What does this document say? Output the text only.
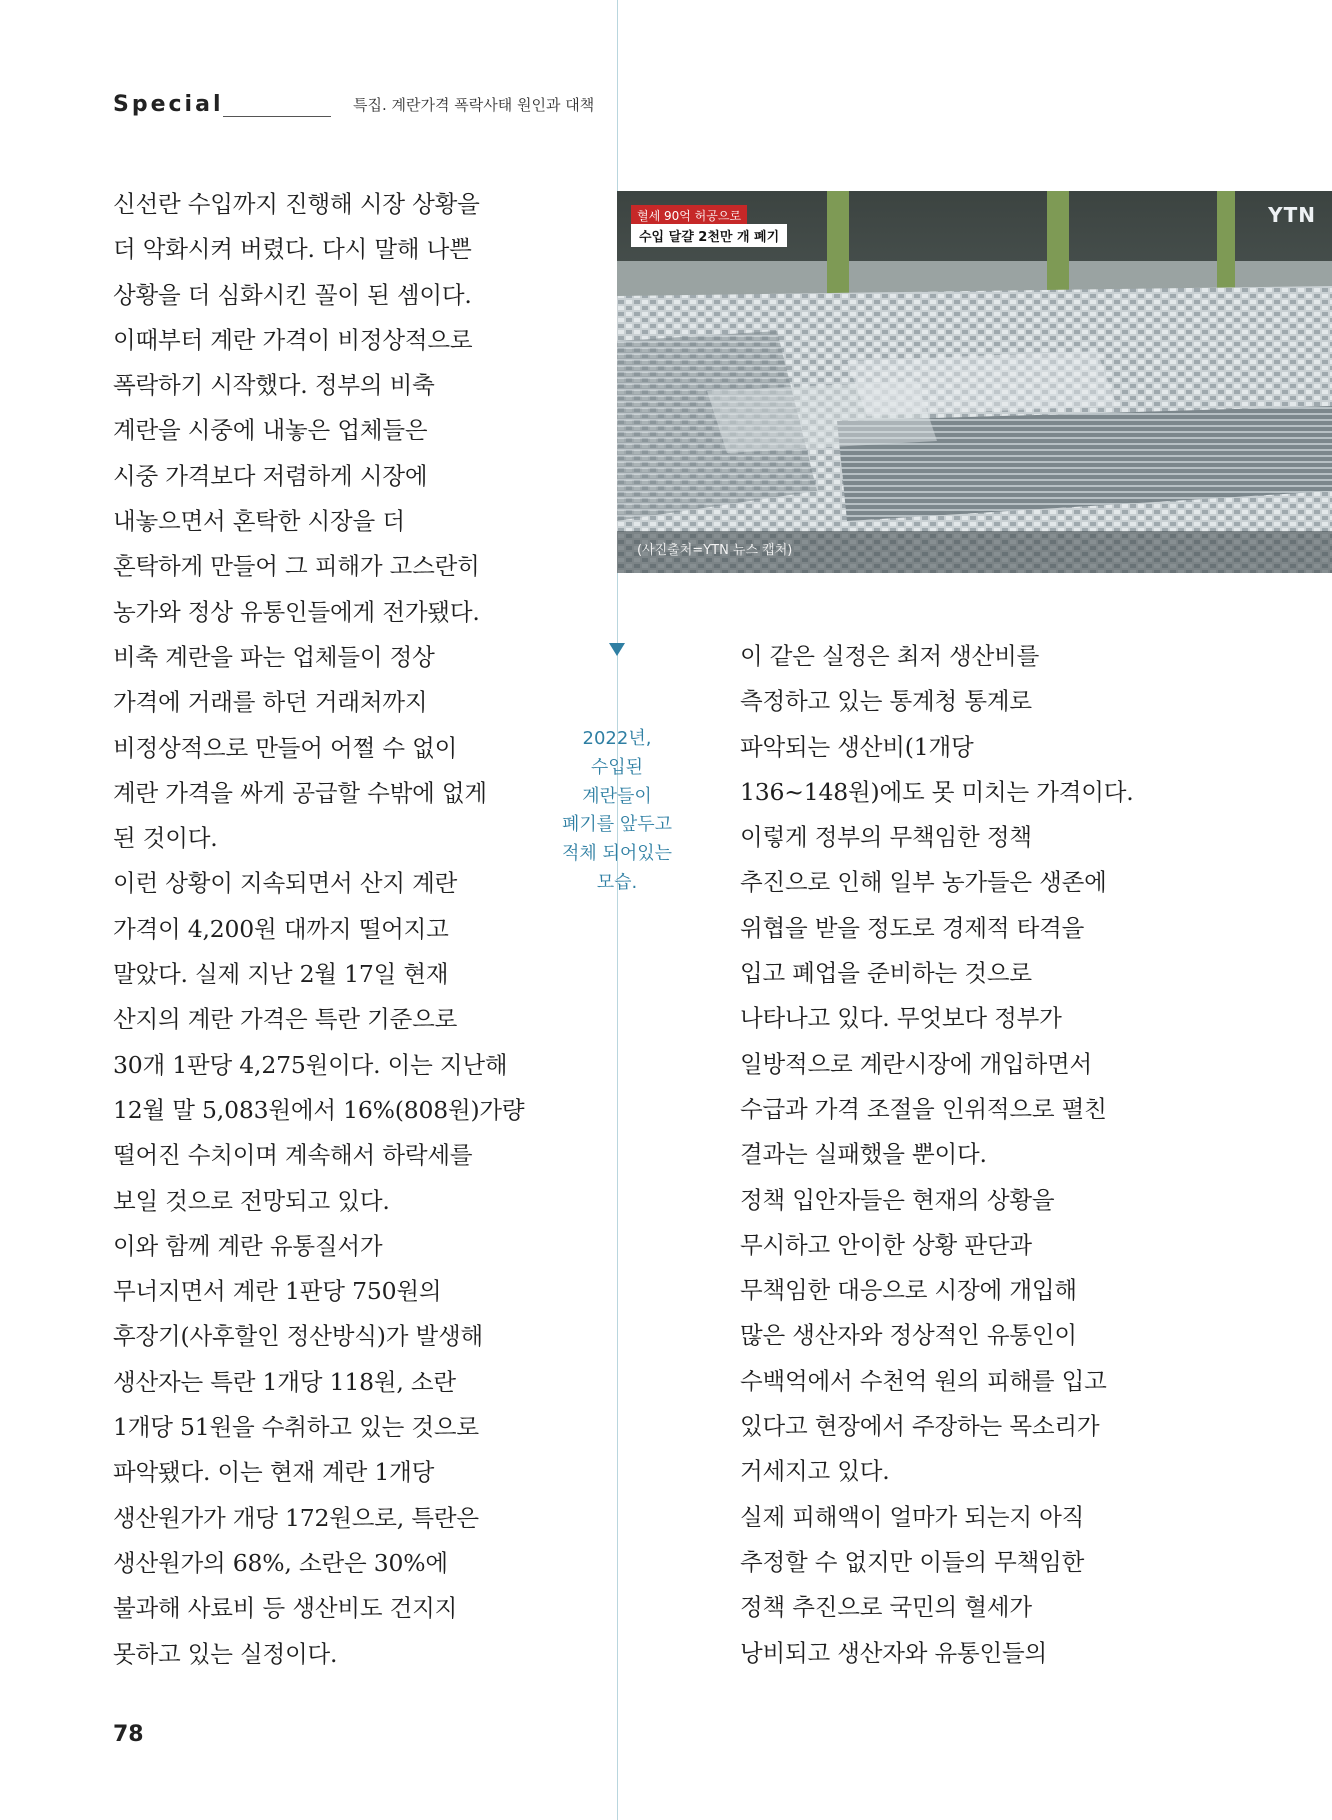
Special	특집. 계란가격 폭락사태 원인과 대책
신선란 수입까지 진행해 시장 상황을
더 악화시켜 버렸다. 다시 말해 나쁜
상황을 더 심화시킨 꼴이 된 셈이다.
이때부터 계란 가격이 비정상적으로
폭락하기 시작했다. 정부의 비축
계란을 시중에 내놓은 업체들은
시중 가격보다 저렴하게 시장에
내놓으면서 혼탁한 시장을 더
혼탁하게 만들어 그 피해가 고스란히
농가와 정상 유통인들에게 전가됐다.
비축 계란을 파는 업체들이 정상
가격에 거래를 하던 거래처까지
비정상적으로 만들어 어쩔 수 없이
계란 가격을 싸게 공급할 수밖에 없게
된 것이다.
이런 상황이 지속되면서 산지 계란
가격이 4,200원 대까지 떨어지고
말았다. 실제 지난 2월 17일 현재
산지의 계란 가격은 특란 기준으로
30개 1판당 4,275원이다. 이는 지난해
12월 말 5,083원에서 16%(808원)가량
떨어진 수치이며 계속해서 하락세를
보일 것으로 전망되고 있다.
이와 함께 계란 유통질서가
무너지면서 계란 1판당 750원의
후장기(사후할인 정산방식)가 발생해
생산자는 특란 1개당 118원, 소란
1개당 51원을 수취하고 있는 것으로
파악됐다. 이는 현재 계란 1개당
생산원가가 개당 172원으로, 특란은
생산원가의 68%, 소란은 30%에
불과해 사료비 등 생산비도 건지지
못하고 있는 실정이다.
혈세 90억 허공으로
수입 달걀 2천만 개 폐기
YTN
(사진출처=YTN 뉴스 캡처)
2022년,
수입된
계란들이
폐기를 앞두고
적체 되어있는
모습.
이 같은 실정은 최저 생산비를
측정하고 있는 통계청 통계로
파악되는 생산비(1개당
136~148원)에도 못 미치는 가격이다.
이렇게 정부의 무책임한 정책
추진으로 인해 일부 농가들은 생존에
위협을 받을 정도로 경제적 타격을
입고 폐업을 준비하는 것으로
나타나고 있다. 무엇보다 정부가
일방적으로 계란시장에 개입하면서
수급과 가격 조절을 인위적으로 펼친
결과는 실패했을 뿐이다.
정책 입안자들은 현재의 상황을
무시하고 안이한 상황 판단과
무책임한 대응으로 시장에 개입해
많은 생산자와 정상적인 유통인이
수백억에서 수천억 원의 피해를 입고
있다고 현장에서 주장하는 목소리가
거세지고 있다.
실제 피해액이 얼마가 되는지 아직
추정할 수 없지만 이들의 무책임한
정책 추진으로 국민의 혈세가
낭비되고 생산자와 유통인들의
78
